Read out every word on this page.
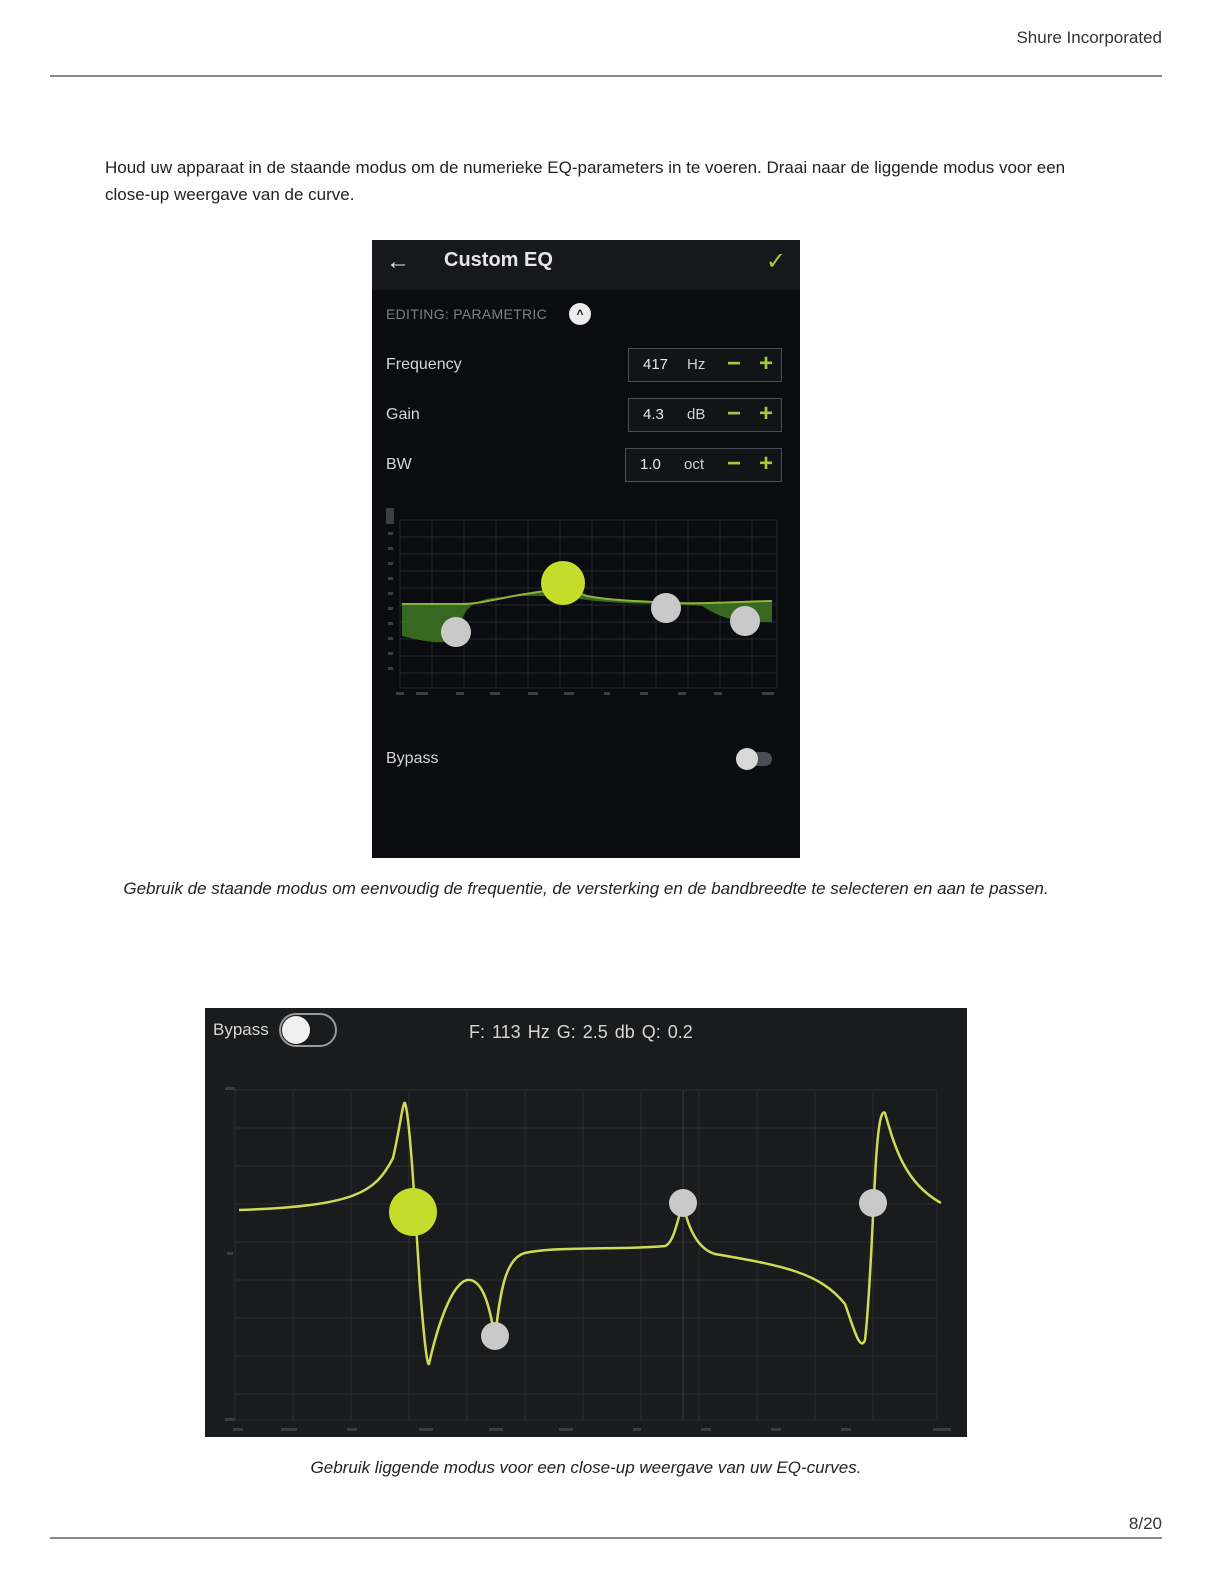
Shure Incorporated

Houd uw apparaat in de staande modus om de numerieke EQ-parameters in te voeren. Draai naar de liggende modus voor een close-up weergave van de curve.

← Custom EQ	✓
EDITING: PARAMETRIC	^
Frequency	417 Hz − +
Gain	4.3 dB − +
BW	1.0 oct − +
Bypass
Gebruik de staande modus om eenvoudig de frequentie, de versterking en de bandbreedte te selecteren en aan te passen.
Bypass	F: 113 Hz G: 2.5 db Q: 0.2
Gebruik liggende modus voor een close-up weergave van uw EQ-curves.
8/20
